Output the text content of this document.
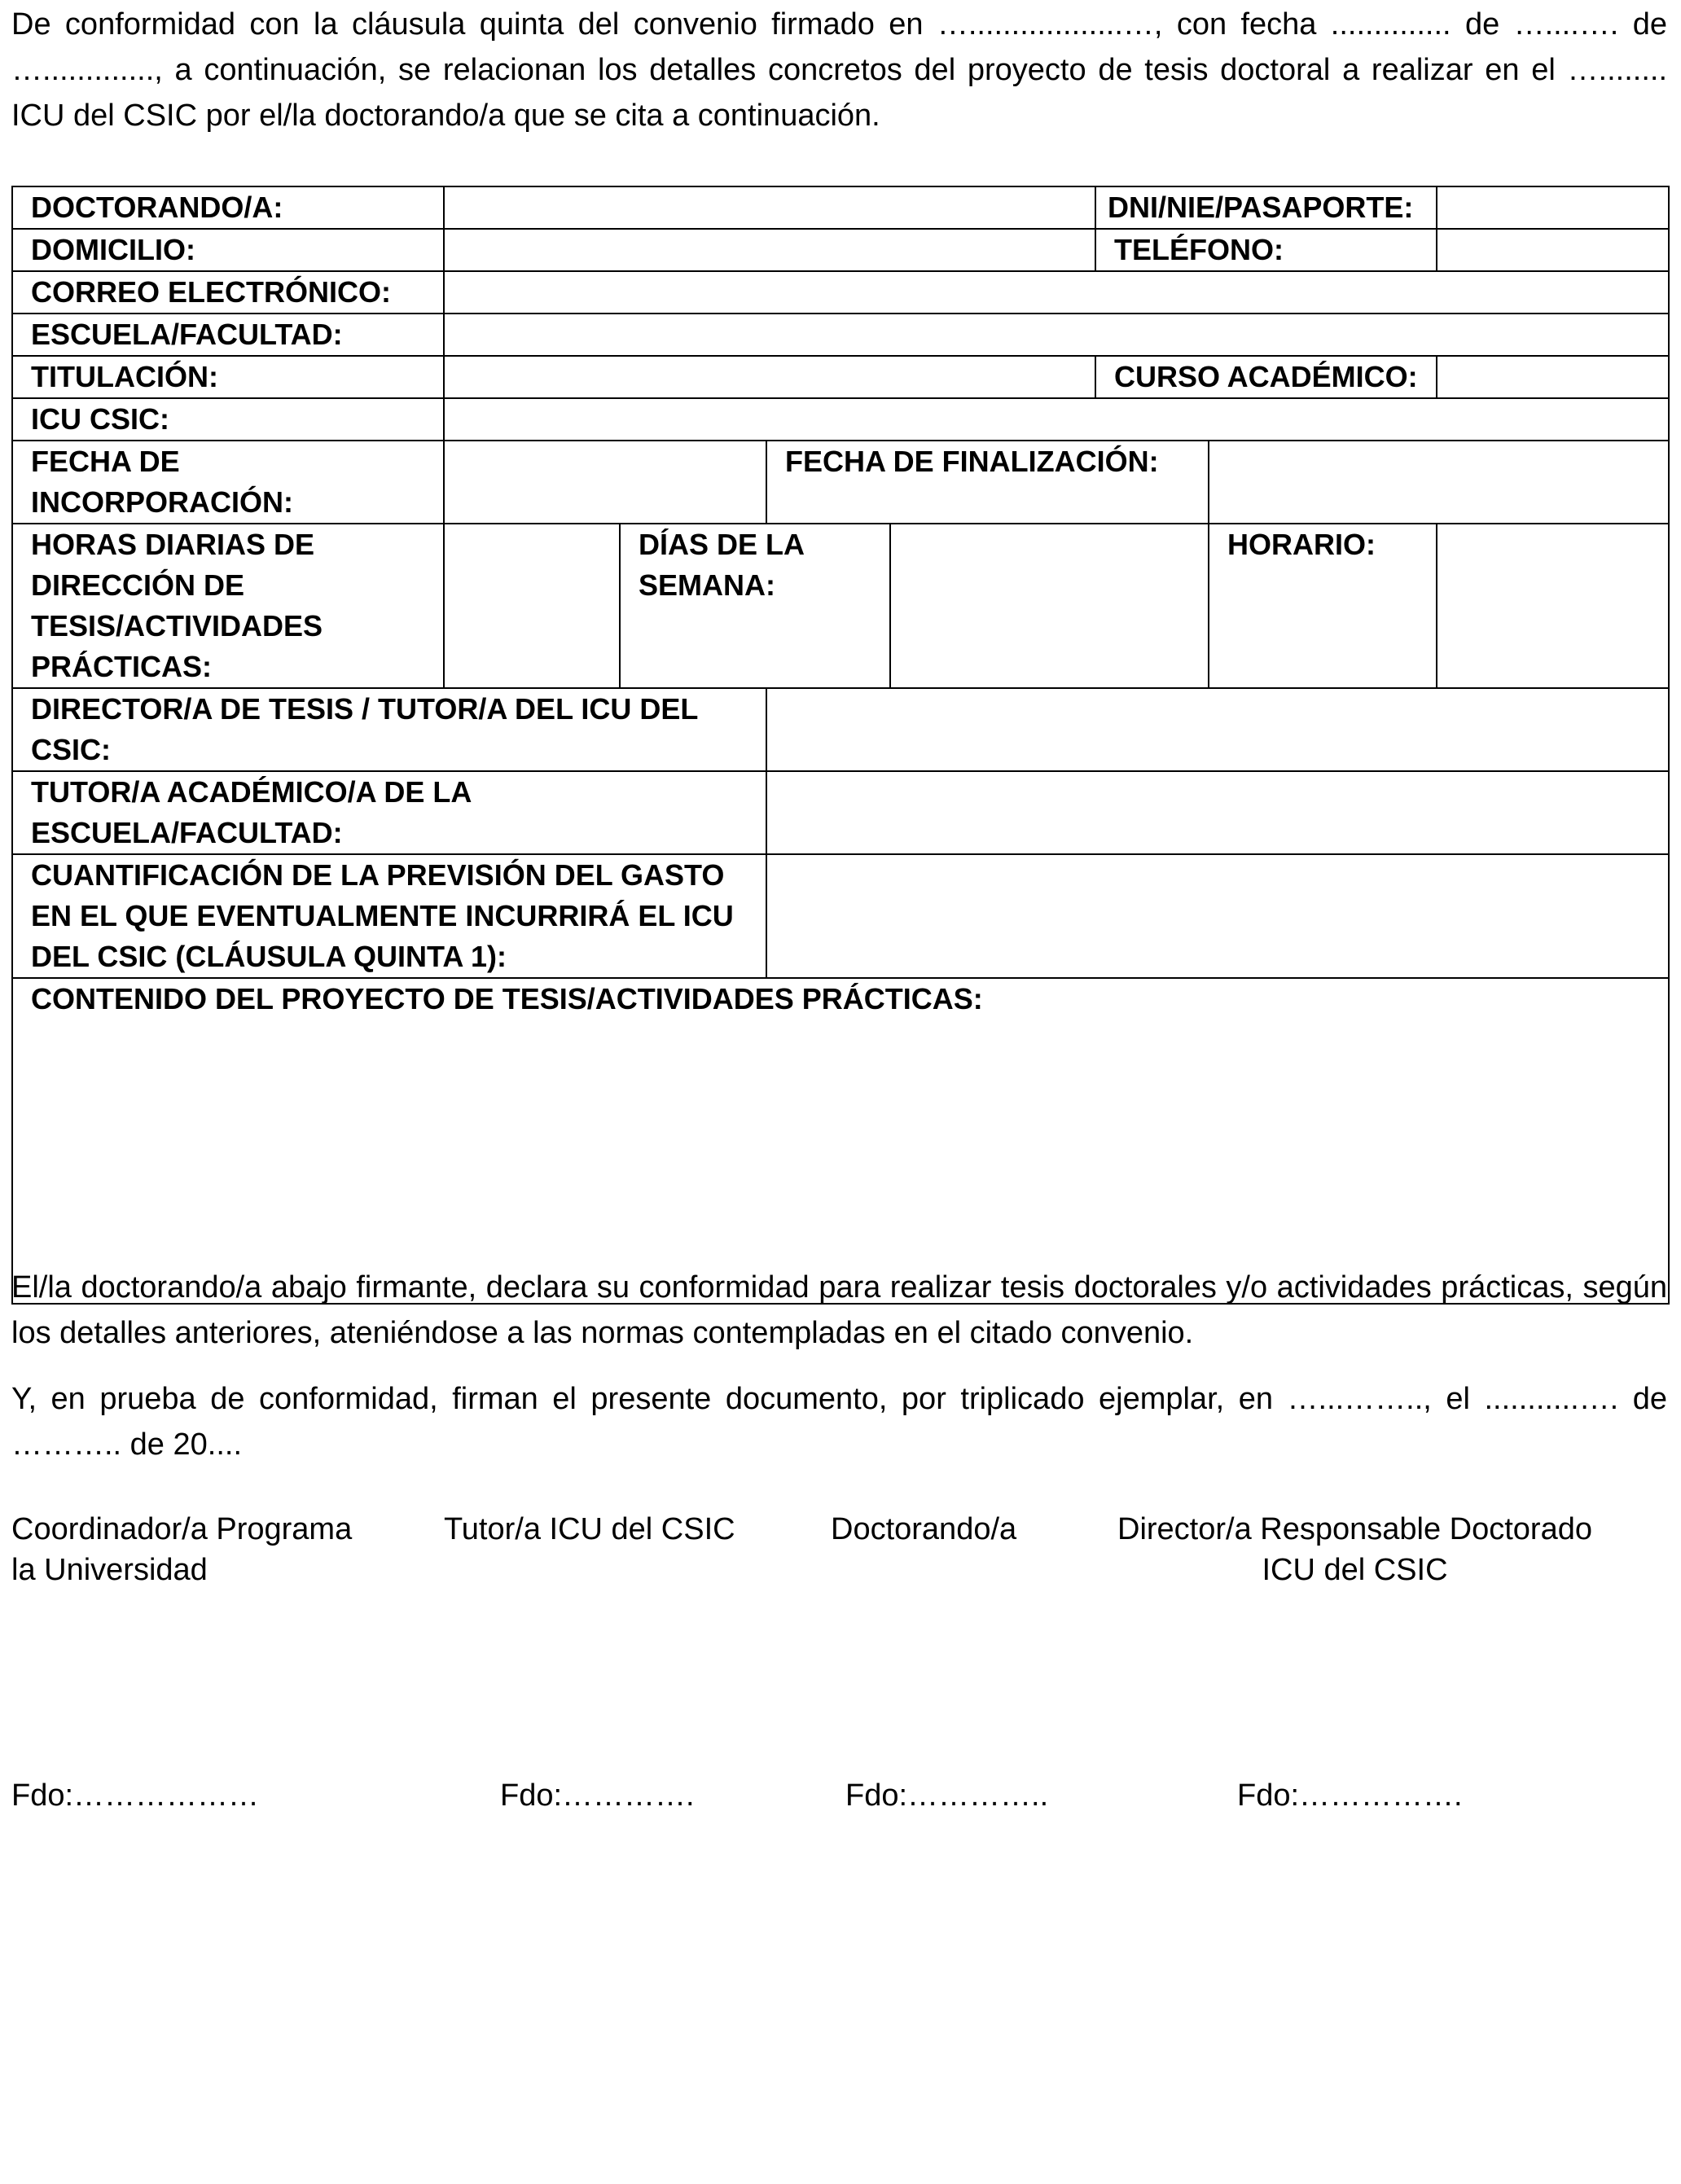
De conformidad con la cláusula quinta del convenio firmado en …..................…, con fecha .............. de …....…. de …............., a continuación, se relacionan los detalles concretos del proyecto de tesis doctoral a realizar en el …........ ICU del CSIC por el/la doctorando/a que se cita a continuación.

DOCTORANDO/A:					DNI/NIE/PASAPORTE:		
DOMICILIO:					TELÉFONO:		
CORREO ELECTRÓNICO:							
ESCUELA/FACULTAD:							
TITULACIÓN:					CURSO ACADÉMICO:		
ICU CSIC:							
FECHA DE INCORPORACIÓN:			FECHA DE FINALIZACIÓN:				
HORAS DIARIAS DE DIRECCIÓN DE TESIS/ACTIVIDADES PRÁCTICAS:		DÍAS DE LA SEMANA:				HORARIO:	
DIRECTOR/A DE TESIS / TUTOR/A DEL ICU DEL CSIC:							
TUTOR/A ACADÉMICO/A DE LA ESCUELA/FACULTAD:							
CUANTIFICACIÓN DE LA PREVISIÓN DEL GASTO EN EL QUE EVENTUALMENTE INCURRIRÁ EL ICU DEL CSIC (CLÁUSULA QUINTA 1):							

CONTENIDO DEL PROYECTO DE TESIS/ACTIVIDADES PRÁCTICAS:							

El/la doctorando/a abajo firmante, declara su conformidad para realizar tesis doctorales y/o actividades prácticas, según los detalles anteriores, ateniéndose a las normas contempladas en el citado convenio.

Y, en prueba de conformidad, firman el presente documento, por triplicado ejemplar, en …...…….., el ...........…. de ……….. de 20....

Coordinador/a Programa
la Universidad
Tutor/a ICU del CSIC	Doctorando/a	Director/a Responsable Doctorado
ICU del CSIC
Fdo:………………	Fdo:………….	Fdo:…………..	Fdo:…………….
